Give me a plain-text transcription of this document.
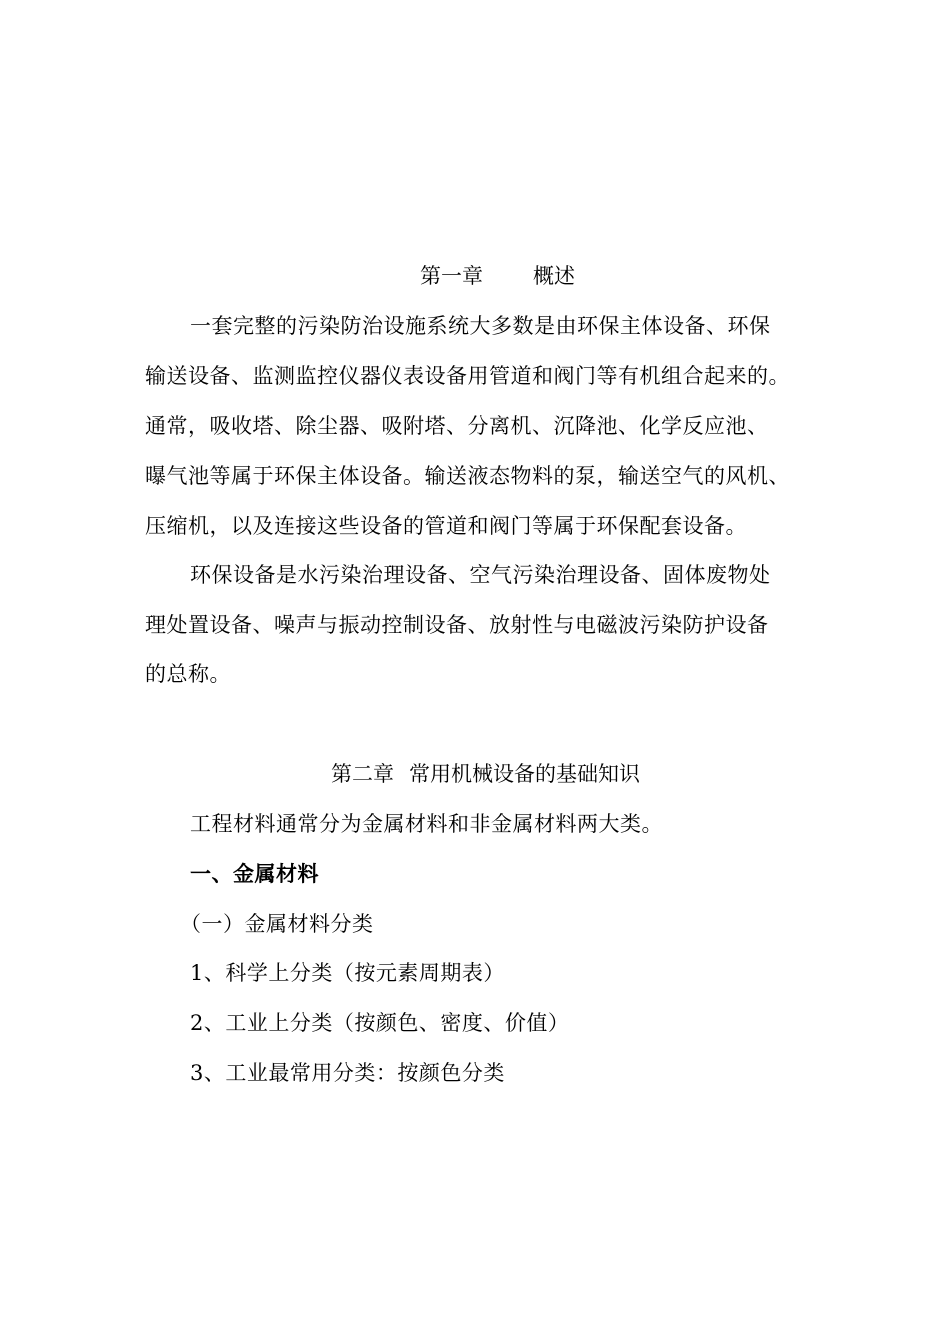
第一章 概述
一套完整的污染防治设施系统大多数是由环保主体设备、环保
输送设备、监测监控仪器仪表设备用管道和阀门等有机组合起来的。
通常，吸收塔、除尘器、吸附塔、分离机、沉降池、化学反应池、
曝气池等属于环保主体设备。输送液态物料的泵，输送空气的风机、
压缩机，以及连接这些设备的管道和阀门等属于环保配套设备。
环保设备是水污染治理设备、空气污染治理设备、固体废物处
理处置设备、噪声与振动控制设备、放射性与电磁波污染防护设备
的总称。
第二章 常用机械设备的基础知识
工程材料通常分为金属材料和非金属材料两大类。
一、金属材料
（一）金属材料分类
1、科学上分类（按元素周期表）
2、工业上分类（按颜色、密度、价值）
3、工业最常用分类：按颜色分类
